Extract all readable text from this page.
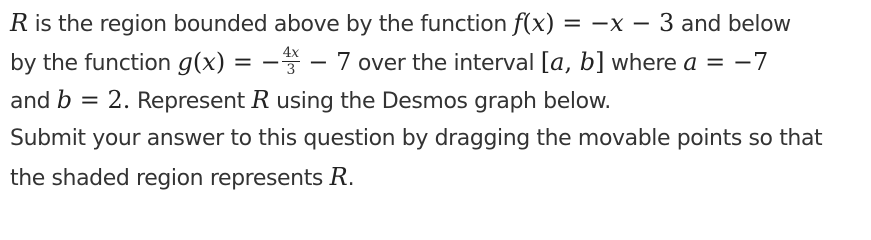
R is the region bounded above by the function f(x) = −x − 3 and below
by the function g(x) = − $\frac{4x}{3} - 7$ over the interval [a, b] where a = −7
and b = 2. Represent R using the Desmos graph below.
Submit your answer to this question by dragging the movable points so that
the shaded region represents R.
